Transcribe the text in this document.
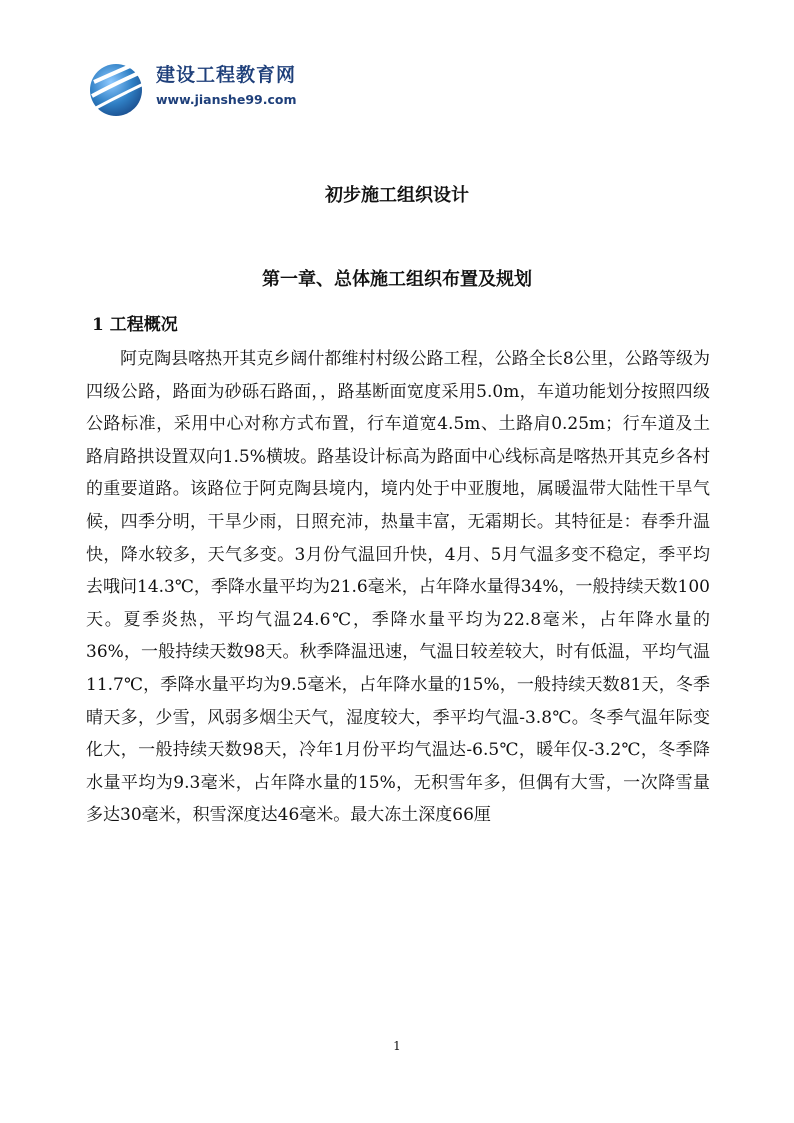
建设工程教育网
www.jianshe99.com
初步施工组织设计
第一章、总体施工组织布置及规划
1 工程概况

阿克陶县喀热开其克乡阔什都维村村级公路工程，公路全长8公里，公路等级为四级公路，路面为砂砾石路面，，路基断面宽度采用5.0m，车道功能划分按照四级公路标准，采用中心对称方式布置，行车道宽4.5m、土路肩0.25m；行车道及土路肩路拱设置双向1.5%横坡。路基设计标高为路面中心线标高是喀热开其克乡各村的重要道路。该路位于阿克陶县境内，境内处于中亚腹地，属暖温带大陆性干旱气候，四季分明，干旱少雨，日照充沛，热量丰富，无霜期长。其特征是：春季升温快，降水较多，天气多变。3月份气温回升快，4月、5月气温多变不稳定，季平均去哦问14.3℃，季降水量平均为21.6毫米，占年降水量得34%，一般持续天数100天。夏季炎热，平均气温24.6℃，季降水量平均为22.8毫米，占年降水量的36%，一般持续天数98天。秋季降温迅速，气温日较差较大，时有低温，平均气温11.7℃，季降水量平均为9.5毫米，占年降水量的15%，一般持续天数81天，冬季晴天多，少雪，风弱多烟尘天气，湿度较大，季平均气温-3.8℃。冬季气温年际变化大，一般持续天数98天，冷年1月份平均气温达-6.5℃，暖年仅-3.2℃，冬季降水量平均为9.3毫米，占年降水量的15%，无积雪年多，但偶有大雪，一次降雪量多达30毫米，积雪深度达46毫米。最大冻土深度66厘

1
